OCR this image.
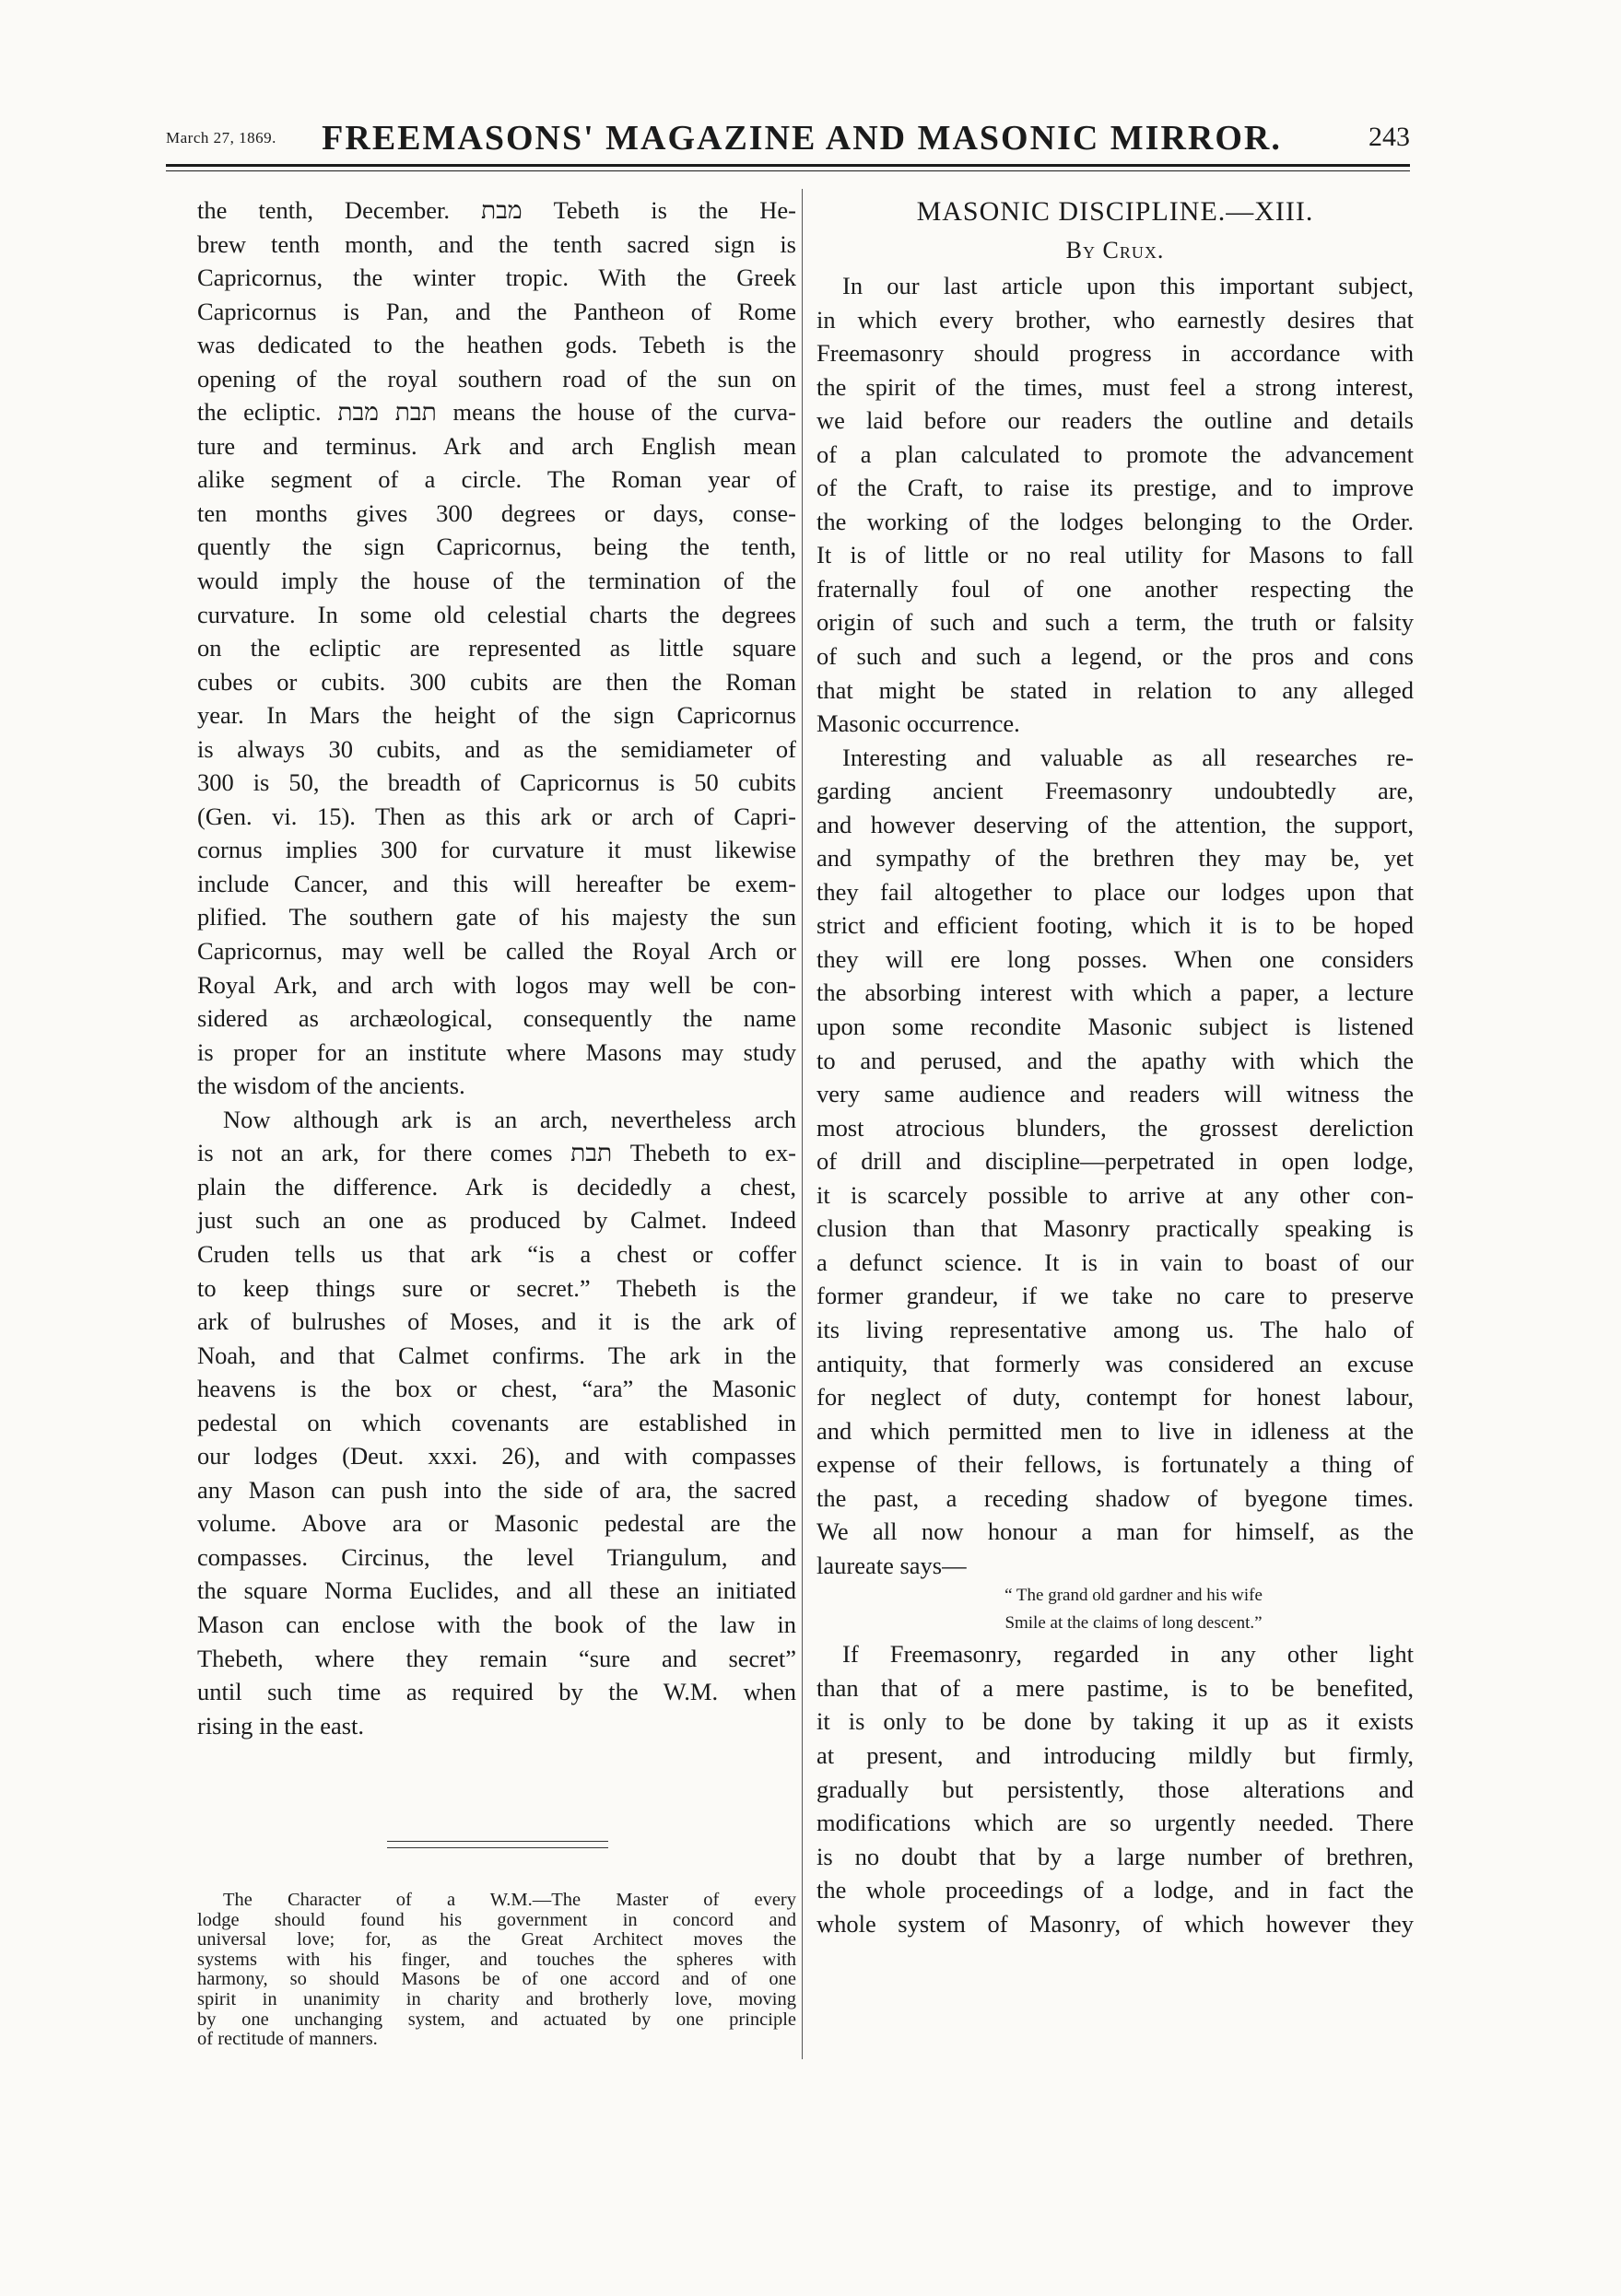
March 27, 1869.	FREEMASONS' MAGAZINE AND MASONIC MIRROR.	243
the tenth, December. מבת Tebeth is the He-
brew tenth month, and the tenth sacred sign is
Capricornus, the winter tropic. With the Greek
Capricornus is Pan, and the Pantheon of Rome
was dedicated to the heathen gods. Tebeth is the
opening of the royal southern road of the sun on
the ecliptic. תבת מבת means the house of the curva-
ture and terminus. Ark and arch English mean
alike segment of a circle. The Roman year of
ten months gives 300 degrees or days, conse-
quently the sign Capricornus, being the tenth,
would imply the house of the termination of the
curvature. In some old celestial charts the degrees
on the ecliptic are represented as little square
cubes or cubits. 300 cubits are then the Roman
year. In Mars the height of the sign Capricornus
is always 30 cubits, and as the semidiameter of
300 is 50, the breadth of Capricornus is 50 cubits
(Gen. vi. 15). Then as this ark or arch of Capri-
cornus implies 300 for curvature it must likewise
include Cancer, and this will hereafter be exem-
plified. The southern gate of his majesty the sun
Capricornus, may well be called the Royal Arch or
Royal Ark, and arch with logos may well be con-
sidered as archæological, consequently the name
is proper for an institute where Masons may study
the wisdom of the ancients.
Now although ark is an arch, nevertheless arch
is not an ark, for there comes תבת Thebeth to ex-
plain the difference. Ark is decidedly a chest,
just such an one as produced by Calmet. Indeed
Cruden tells us that ark “is a chest or coffer
to keep things sure or secret.” Thebeth is the
ark of bulrushes of Moses, and it is the ark of
Noah, and that Calmet confirms. The ark in the
heavens is the box or chest, “ara” the Masonic
pedestal on which covenants are established in
our lodges (Deut. xxxi. 26), and with compasses
any Mason can push into the side of ara, the sacred
volume. Above ara or Masonic pedestal are the
compasses. Circinus, the level Triangulum, and
the square Norma Euclides, and all these an initiated
Mason can enclose with the book of the law in
Thebeth, where they remain “sure and secret”
until such time as required by the W.M. when
rising in the east.
The Character of a W.M.—The Master of every
lodge should found his government in concord and
universal love; for, as the Great Architect moves the
systems with his finger, and touches the spheres with
harmony, so should Masons be of one accord and of one
spirit in unanimity in charity and brotherly love, moving
by one unchanging system, and actuated by one principle
of rectitude of manners.
MASONIC DISCIPLINE.—XIII.
By Crux.
In our last article upon this important subject,
in which every brother, who earnestly desires that
Freemasonry should progress in accordance with
the spirit of the times, must feel a strong interest,
we laid before our readers the outline and details
of a plan calculated to promote the advancement
of the Craft, to raise its prestige, and to improve
the working of the lodges belonging to the Order.
It is of little or no real utility for Masons to fall
fraternally foul of one another respecting the
origin of such and such a term, the truth or falsity
of such and such a legend, or the pros and cons
that might be stated in relation to any alleged
Masonic occurrence.
Interesting and valuable as all researches re-
garding ancient Freemasonry undoubtedly are,
and however deserving of the attention, the support,
and sympathy of the brethren they may be, yet
they fail altogether to place our lodges upon that
strict and efficient footing, which it is to be hoped
they will ere long posses. When one considers
the absorbing interest with which a paper, a lecture
upon some recondite Masonic subject is listened
to and perused, and the apathy with which the
very same audience and readers will witness the
most atrocious blunders, the grossest dereliction
of drill and discipline—perpetrated in open lodge,
it is scarcely possible to arrive at any other con-
clusion than that Masonry practically speaking is
a defunct science. It is in vain to boast of our
former grandeur, if we take no care to preserve
its living representative among us. The halo of
antiquity, that formerly was considered an excuse
for neglect of duty, contempt for honest labour,
and which permitted men to live in idleness at the
expense of their fellows, is fortunately a thing of
the past, a receding shadow of byegone times.
We all now honour a man for himself, as the
laureate says—
“ The grand old gardner and his wife
Smile at the claims of long descent.”
If Freemasonry, regarded in any other light
than that of a mere pastime, is to be benefited,
it is only to be done by taking it up as it exists
at present, and introducing mildly but firmly,
gradually but persistently, those alterations and
modifications which are so urgently needed. There
is no doubt that by a large number of brethren,
the whole proceedings of a lodge, and in fact the
whole system of Masonry, of which however they
